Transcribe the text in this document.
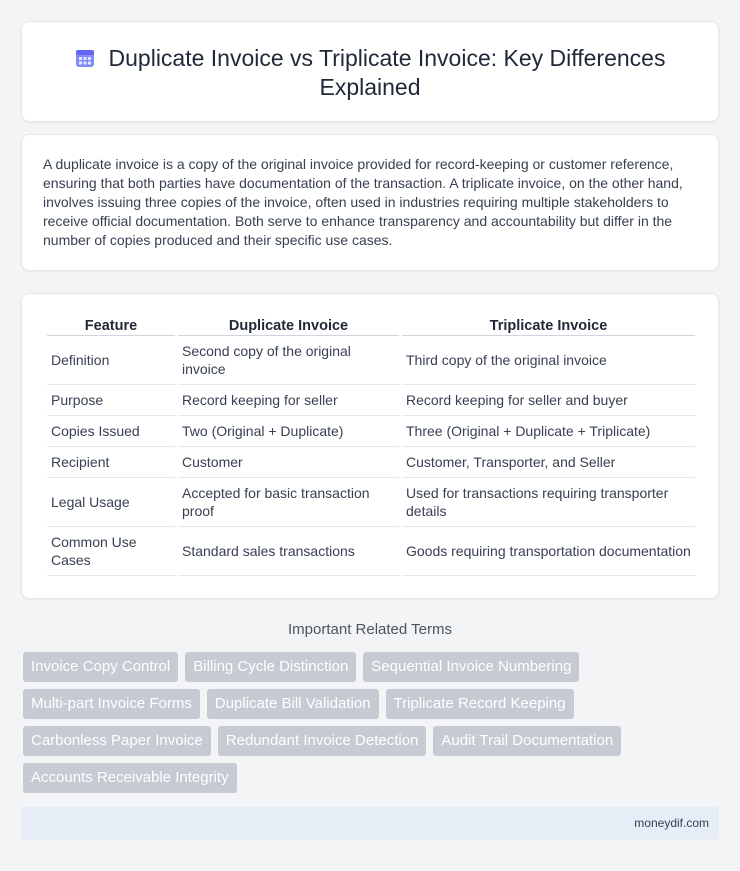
Duplicate Invoice vs Triplicate Invoice: Key Differences Explained

A duplicate invoice is a copy of the original invoice provided for record-keeping or customer reference, ensuring that both parties have documentation of the transaction. A triplicate invoice, on the other hand, involves issuing three copies of the invoice, often used in industries requiring multiple stakeholders to receive official documentation. Both serve to enhance transparency and accountability but differ in the number of copies produced and their specific use cases.

Feature	Duplicate Invoice	Triplicate Invoice
Definition	Second copy of the original invoice	Third copy of the original invoice
Purpose	Record keeping for seller	Record keeping for seller and buyer
Copies Issued	Two (Original + Duplicate)	Three (Original + Duplicate + Triplicate)
Recipient	Customer	Customer, Transporter, and Seller
Legal Usage	Accepted for basic transaction proof	Used for transactions requiring transporter details
Common Use Cases	Standard sales transactions	Goods requiring transportation documentation
Important Related Terms
Invoice Copy Control	Billing Cycle Distinction	Sequential Invoice Numbering
Multi-part Invoice Forms	Duplicate Bill Validation	Triplicate Record Keeping
Carbonless Paper Invoice	Redundant Invoice Detection	Audit Trail Documentation
Accounts Receivable Integrity
moneydif.com
